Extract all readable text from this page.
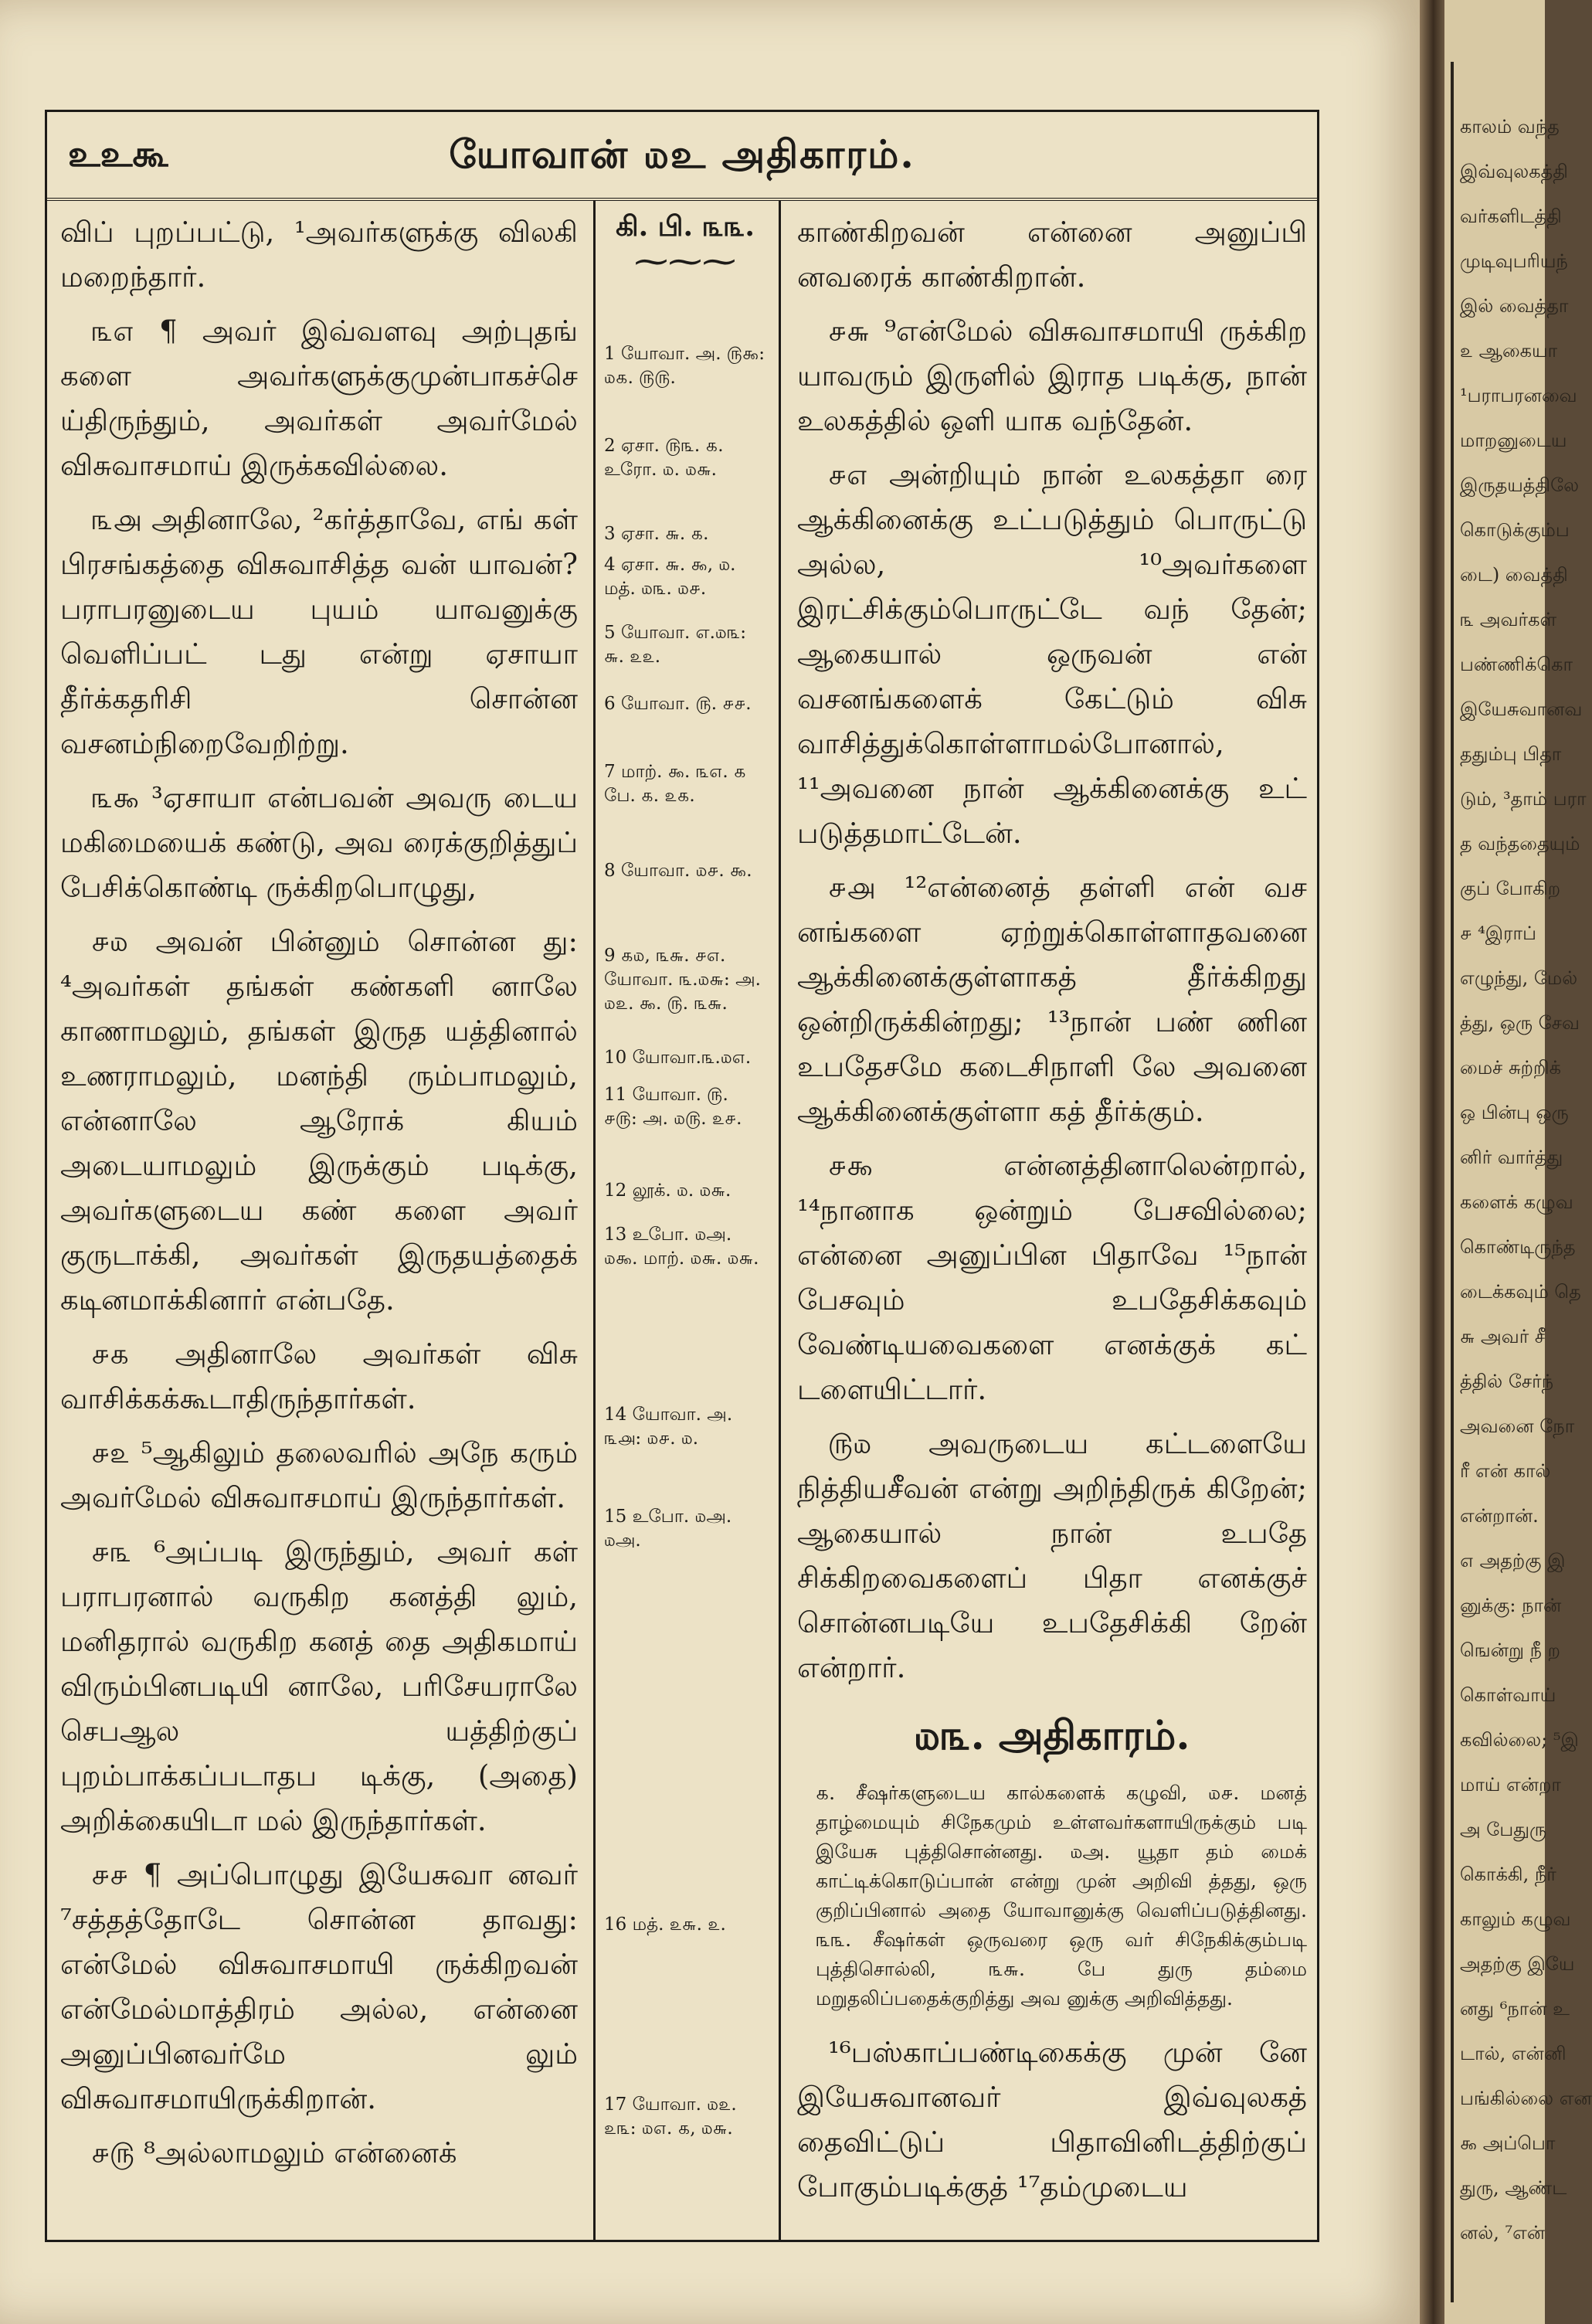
காலம் வந்த
இவ்வுலகத்தி
வர்களிடத்தி
முடிவுபரியந்
இல் வைத்தா
௨ ஆகையா
¹பராபரனவை
மாறனுடைய
இருதயத்திலே
கொடுக்கும்ப
டை) வைத்தி
௩ அவர்கள்
பண்ணிக்கொ
இயேசுவானவ
ததும்பு பிதா
டும், ³தாம் பரா
த வந்ததையும்
குப் போகிற
௪ ⁴இராப்
எழுந்து, மேல்
த்து, ஒரு சேவ
மைச் சுற்றிக்
ஒ பின்பு ஒரு
னிர் வார்த்து
களைக் கழுவ
கொண்டிருந்த
டைக்கவும் தெ
௬ அவர் சீ
த்தில் சேர்ந்
அவனை நோ
ரீ என் கால்
என்றான்.
௭ அதற்கு இ
னுக்கு: நான்
ஙென்று நீ ற
கொள்வாய்
கவில்லை; ⁵இ
மாய் என்றா
அ பேதுரு
கொக்கி, நீர்
காலும் கழுவ
அதற்கு இயே
னது ⁶நான் உ
டால், என்னி
பங்கில்லை என
௯ அப்பொ
துரு, ஆண்ட
னல், ⁷என்
உஉகூ	யோவான் ௰உ அதிகாரம்.

விப் புறப்பட்டு, ¹அவர்களுக்கு விலகி மறைந்தார்.

௩௭ ¶ அவர் இவ்வளவு அற்புதங் களை அவர்களுக்குமுன்பாகச்செ ய்திருந்தும், அவர்கள் அவர்மேல் விசுவாசமாய் இருக்கவில்லை.

௩௮ அதினாலே, ²கர்த்தாவே, எங் கள் பிரசங்கத்தை விசுவாசித்த வன் யாவன்? பராபரனுடைய புயம் யாவனுக்கு வெளிப்பட் டது என்று ஏசாயா தீர்க்கதரிசி சொன்ன வசனம்நிறைவேறிற்று.

௩௯ ³ஏசாயா என்பவன் அவரு டைய மகிமையைக் கண்டு, அவ ரைக்குறித்துப் பேசிக்கொண்டி ருக்கிறபொழுது,

௪௰ அவன் பின்னும் சொன்ன து: ⁴அவர்கள் தங்கள் கண்களி னாலே காணாமலும், தங்கள் இருத யத்தினால் உணராமலும், மனந்தி ரும்பாமலும், என்னாலே ஆரோக் கியம் அடையாமலும் இருக்கும் படிக்கு, அவர்களுடைய கண் களை அவர் குருடாக்கி, அவர்கள் இருதயத்தைக் கடினமாக்கினார் என்பதே.

௪௧ அதினாலே அவர்கள் விசு வாசிக்கக்கூடாதிருந்தார்கள்.

௪௨ ⁵ஆகிலும் தலைவரில் அநே கரும் அவர்மேல் விசுவாசமாய் இருந்தார்கள்.

௪௩ ⁶அப்படி இருந்தும், அவர் கள் பராபரனால் வருகிற கனத்தி லும், மனிதரால் வருகிற கனத் தை அதிகமாய் விரும்பினபடியி னாலே, பரிசேயராலே செபஆல யத்திற்குப் புறம்பாக்கப்படாதப டிக்கு, (அதை) அறிக்கையிடா மல் இருந்தார்கள்.

௪௪ ¶ அப்பொழுது இயேசுவா னவர் ⁷சத்தத்தோடே சொன்ன தாவது: என்மேல் விசுவாசமாயி ருக்கிறவன் என்மேல்மாத்திரம் அல்ல, என்னை அனுப்பினவர்மே லும் விசுவாசமாயிருக்கிறான்.

௪௫ ⁸அல்லாமலும் என்னைக்

கி. பி. ௩௩.
⁓⁓⁓
1 யோவா. அ. ௫௯: ௰௧. ௫௫.
2 ஏசா. ௫௩. ௧. உரோ. ௰. ௰௬.
3 ஏசா. ௬. ௧.
4 ஏசா. ௬. ௯, ௰. மத். ௰௩. ௰௪.
5 யோவா. எ.௰௩: ௬. ௨௨.
6 யோவா. ௫. ௪௪.
7 மாற். ௯. ௩௭. ௧ பே. ௧. ௨௧.
8 யோவா. ௰௪. ௯.
9 ௧௰, ௩௬. ௪௭. யோவா. ௩.௰௬: அ. ௰௨. ௯. ௫. ௩௬.
10 யோவா.௩.௰௭.
11 யோவா. ௫. ௪௫: அ. ௰௫. ௨௪.
12 லூக். ௰. ௰௬.
13 உபோ. ௰அ. ௰௯. மாற். ௰௬. ௰௬.
14 யோவா. அ. ௩௮: ௰௪. ௰.
15 உபோ. ௰அ. ௰அ.
16 மத். ௨௬. ௨.
17 யோவா. ௰௨. ௨௩: ௰௭. ௧, ௰௬.

காண்கிறவன் என்னை அனுப்பி னவரைக் காண்கிறான்.

௪௬ ⁹என்மேல் விசுவாசமாயி ருக்கிற யாவரும் இருளில் இராத படிக்கு, நான் உலகத்தில் ஒளி யாக வந்தேன்.

௪௭ அன்றியும் நான் உலகத்தா ரை ஆக்கினைக்கு உட்படுத்தும் பொருட்டு அல்ல, ¹⁰அவர்களை இரட்சிக்கும்பொருட்டே வந் தேன்; ஆகையால் ஒருவன் என் வசனங்களைக் கேட்டும் விசு வாசித்துக்கொள்ளாமல்போனால், ¹¹அவனை நான் ஆக்கினைக்கு உட் படுத்தமாட்டேன்.

௪௮ ¹²என்னைத் தள்ளி என் வச னங்களை ஏற்றுக்கொள்ளாதவனை ஆக்கினைக்குள்ளாகத் தீர்க்கிறது ஒன்றிருக்கின்றது; ¹³நான் பண் ணின உபதேசமே கடைசிநாளி லே அவனை ஆக்கினைக்குள்ளா கத் தீர்க்கும்.

௪௯ என்னத்தினாலென்றால், ¹⁴நானாக ஒன்றும் பேசவில்லை; என்னை அனுப்பின பிதாவே ¹⁵நான் பேசவும் உபதேசிக்கவும் வேண்டியவைகளை எனக்குக் கட் டளையிட்டார்.

௫௰ அவருடைய கட்டளையே நித்தியசீவன் என்று அறிந்திருக் கிறேன்; ஆகையால் நான் உபதே சிக்கிறவைகளைப் பிதா எனக்குச் சொன்னபடியே உபதேசிக்கி றேன் என்றார்.

௰௩. அதிகாரம்.

௧. சீஷர்களுடைய கால்களைக் கழுவி, ௰௪. மனத் தாழ்மையும் சிநேகமும் உள்ளவர்களாயிருக்கும் படி இயேசு புத்திசொன்னது. ௰அ. யூதா தம் மைக் காட்டிக்கொடுப்பான் என்று முன் அறிவி த்தது, ஒரு குறிப்பினால் அதை யோவானுக்கு வெளிப்படுத்தினது. ௩௩. சீஷர்கள் ஒருவரை ஒரு வர் சிநேகிக்கும்படி புத்திசொல்லி, ௩௬. பே துரு தம்மை மறுதலிப்பதைக்குறித்து அவ னுக்கு அறிவித்தது.

¹⁶பஸ்காப்பண்டிகைக்கு முன் னே இயேசுவானவர் இவ்வுலகத் தைவிட்டுப் பிதாவினிடத்திற்குப் போகும்படிக்குத் ¹⁷தம்முடைய
